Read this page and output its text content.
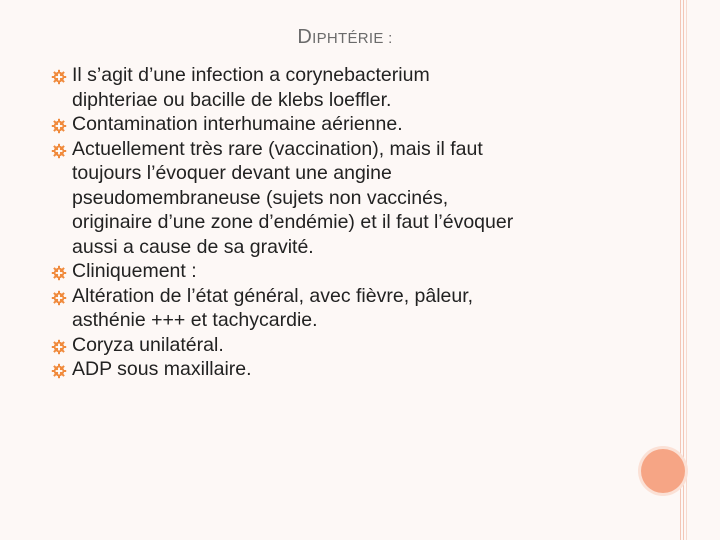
DIPHTÉRIE :
Il s’agit d’une infection a corynebacterium
diphteriae ou bacille de klebs loeffler.
Contamination interhumaine aérienne.
Actuellement très rare (vaccination), mais il faut
toujours l’évoquer devant une angine
pseudomembraneuse (sujets non vaccinés,
originaire d’une zone d’endémie) et il faut l’évoquer
aussi a cause de sa gravité.
Cliniquement :
Altération de l’état général, avec fièvre, pâleur,
asthénie +++ et tachycardie.
Coryza unilatéral.
ADP sous maxillaire.
